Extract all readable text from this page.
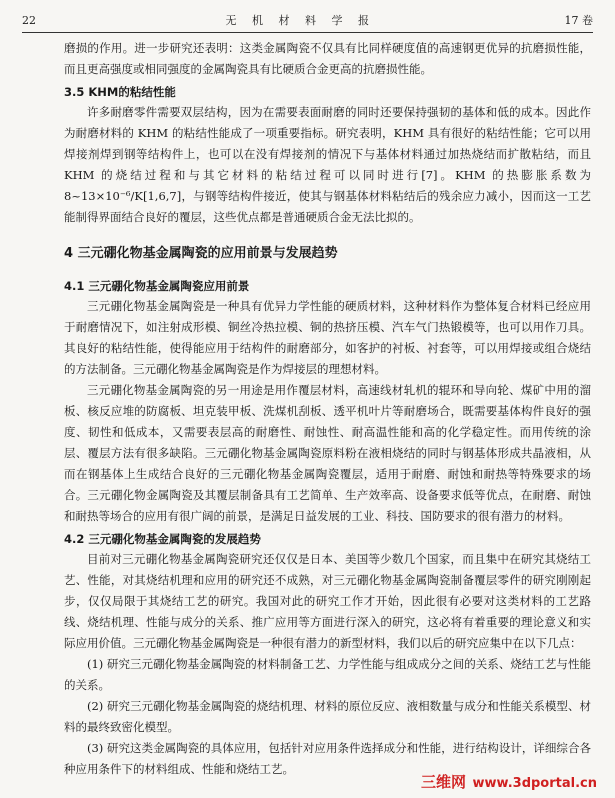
22	无 机 材 料 学 报	17 卷

磨损的作用。进一步研究还表明：这类金属陶瓷不仅具有比同样硬度值的高速钢更优异的抗磨损性能，而且更高强度或相同强度的金属陶瓷具有比硬质合金更高的抗磨损性能。

3.5 KHM的粘结性能

许多耐磨零件需要双层结构，因为在需要表面耐磨的同时还要保持强韧的基体和低的成本。因此作为耐磨材料的 KHM 的粘结性能成了一项重要指标。研究表明，KHM 具有很好的粘结性能；它可以用焊接剂焊到钢等结构件上，也可以在没有焊接剂的情况下与基体材料通过加热烧结而扩散粘结，而且 KHM 的烧结过程和与其它材料的粘结过程可以同时进行[7]。KHM 的热膨胀系数为 8~13×10⁻⁶/K[1,6,7]，与钢等结构件接近，使其与钢基体材料粘结后的残余应力减小，因而这一工艺能制得界面结合良好的覆层，这些优点都是普通硬质合金无法比拟的。

4 三元硼化物基金属陶瓷的应用前景与发展趋势
4.1 三元硼化物基金属陶瓷应用前景

三元硼化物基金属陶瓷是一种具有优异力学性能的硬质材料，这种材料作为整体复合材料已经应用于耐磨情况下，如注射成形模、铜丝冷热拉模、铜的热挤压模、汽车气门热锻模等，也可以用作刀具。其良好的粘结性能，使得能应用于结构件的耐磨部分，如客护的衬板、衬套等，可以用焊接或组合烧结的方法制备。三元硼化物基金属陶瓷是作为焊接层的理想材料。

三元硼化物基金属陶瓷的另一用途是用作覆层材料，高速线材轧机的辊环和导向轮、煤矿中用的溜板、核反应堆的防腐板、坦克装甲板、洗煤机刮板、透平机叶片等耐磨场合，既需要基体构件良好的强度、韧性和低成本，又需要表层高的耐磨性、耐蚀性、耐高温性能和高的化学稳定性。而用传统的涂层、覆层方法有很多缺陷。三元硼化物基金属陶瓷原料粉在液相烧结的同时与钢基体形成共晶液相，从而在钢基体上生成结合良好的三元硼化物基金属陶瓷覆层，适用于耐磨、耐蚀和耐热等特殊要求的场合。三元硼化物金属陶瓷及其覆层制备具有工艺简单、生产效率高、设备要求低等优点，在耐磨、耐蚀和耐热等场合的应用有很广阔的前景，是满足日益发展的工业、科技、国防要求的很有潜力的材料。

4.2 三元硼化物基金属陶瓷的发展趋势

目前对三元硼化物基金属陶瓷研究还仅仅是日本、美国等少数几个国家，而且集中在研究其烧结工艺、性能，对其烧结机理和应用的研究还不成熟，对三元硼化物基金属陶瓷制备覆层零件的研究刚刚起步，仅仅局限于其烧结工艺的研究。我国对此的研究工作才开始，因此很有必要对这类材料的工艺路线、烧结机理、性能与成分的关系、推广应用等方面进行深入的研究，这必将有着重要的理论意义和实际应用价值。三元硼化物基金属陶瓷是一种很有潜力的新型材料，我们以后的研究应集中在以下几点：

(1) 研究三元硼化物基金属陶瓷的材料制备工艺、力学性能与组成成分之间的关系、烧结工艺与性能的关系。

(2) 研究三元硼化物基金属陶瓷的烧结机理、材料的原位反应、液相数量与成分和性能关系模型、材料的最终致密化模型。

(3) 研究这类金属陶瓷的具体应用，包括针对应用条件选择成分和性能，进行结构设计，详细综合各种应用条件下的材料组成、性能和烧结工艺。

三维网 www.3dportal.cn
